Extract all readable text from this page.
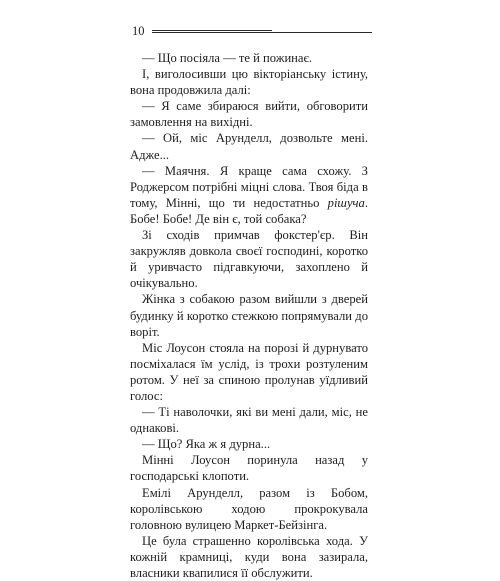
10

— Що посіяла — те й пожинає.

І, виголосивши цю вікторіанську істину, вона продовжила далі:

— Я саме збираюся вийти, обговорити замовлення на вихідні.

— Ой, міс Арунделл, дозвольте мені. Адже...

— Маячня. Я краще сама схожу. З Роджерсом потрібні міцні слова. Твоя біда в тому, Мінні, що ти недостатньо рішуча. Бобе! Бобе! Де він є, той собака?

Зі сходів примчав фокстер'єр. Він закружляв довкола своєї господині, коротко й уривчасто підгавкуючи, захоплено й очікувально.

Жінка з собакою разом вийшли з дверей будинку й коротко стежкою попрямували до воріт.

Міс Лоусон стояла на порозі й дурнувато посміхалася їм услід, із трохи розтуленим ротом. У неї за спиною пролунав уїдливий голос:

— Ті наволочки, які ви мені дали, міс, не однакові.

— Що? Яка ж я дурна...

Мінні Лоусон поринула назад у господарські клопоти.

Емілі Арунделл, разом із Бобом, королівською ходою прокрокувала головною вулицею Маркет-Бейзінга.

Це була страшенно королівська хода. У кожній крамниці, куди вона зазирала, власники квапилися її обслужити.
